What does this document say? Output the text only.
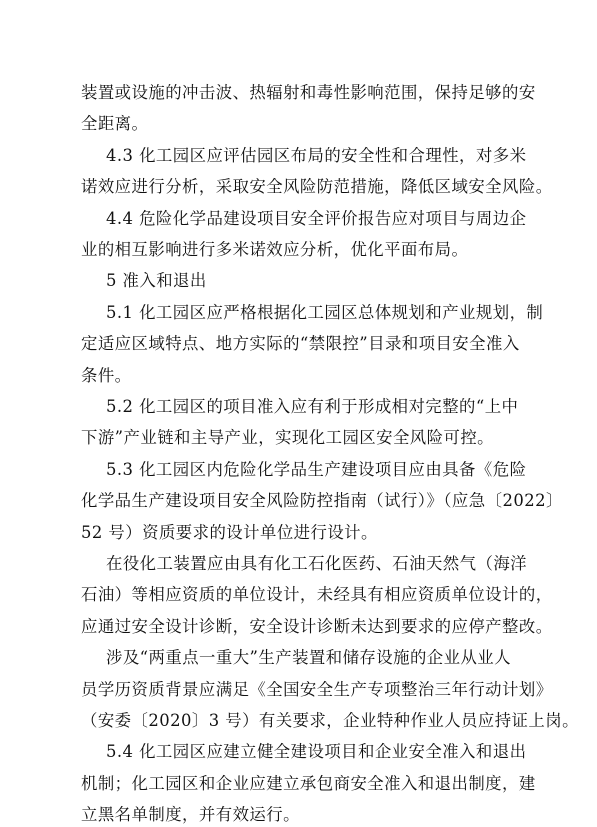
装置或设施的冲击波、热辐射和毒性影响范围，保持足够的安
全距离。
4.3 化工园区应评估园区布局的安全性和合理性，对多米
诺效应进行分析，采取安全风险防范措施，降低区域安全风险。
4.4 危险化学品建设项目安全评价报告应对项目与周边企
业的相互影响进行多米诺效应分析，优化平面布局。
5 准入和退出
5.1 化工园区应严格根据化工园区总体规划和产业规划，制
定适应区域特点、地方实际的“禁限控”目录和项目安全准入
条件。
5.2 化工园区的项目准入应有利于形成相对完整的“上中
下游”产业链和主导产业，实现化工园区安全风险可控。
5.3 化工园区内危险化学品生产建设项目应由具备《危险
化学品生产建设项目安全风险防控指南（试行）》（应急〔2022〕
52 号）资质要求的设计单位进行设计。
在役化工装置应由具有化工石化医药、石油天然气（海洋
石油）等相应资质的单位设计，未经具有相应资质单位设计的，
应通过安全设计诊断，安全设计诊断未达到要求的应停产整改。
涉及“两重点一重大”生产装置和储存设施的企业从业人
员学历资质背景应满足《全国安全生产专项整治三年行动计划》
（安委〔2020〕3 号）有关要求，企业特种作业人员应持证上岗。
5.4 化工园区应建立健全建设项目和企业安全准入和退出
机制；化工园区和企业应建立承包商安全准入和退出制度，建
立黑名单制度，并有效运行。
